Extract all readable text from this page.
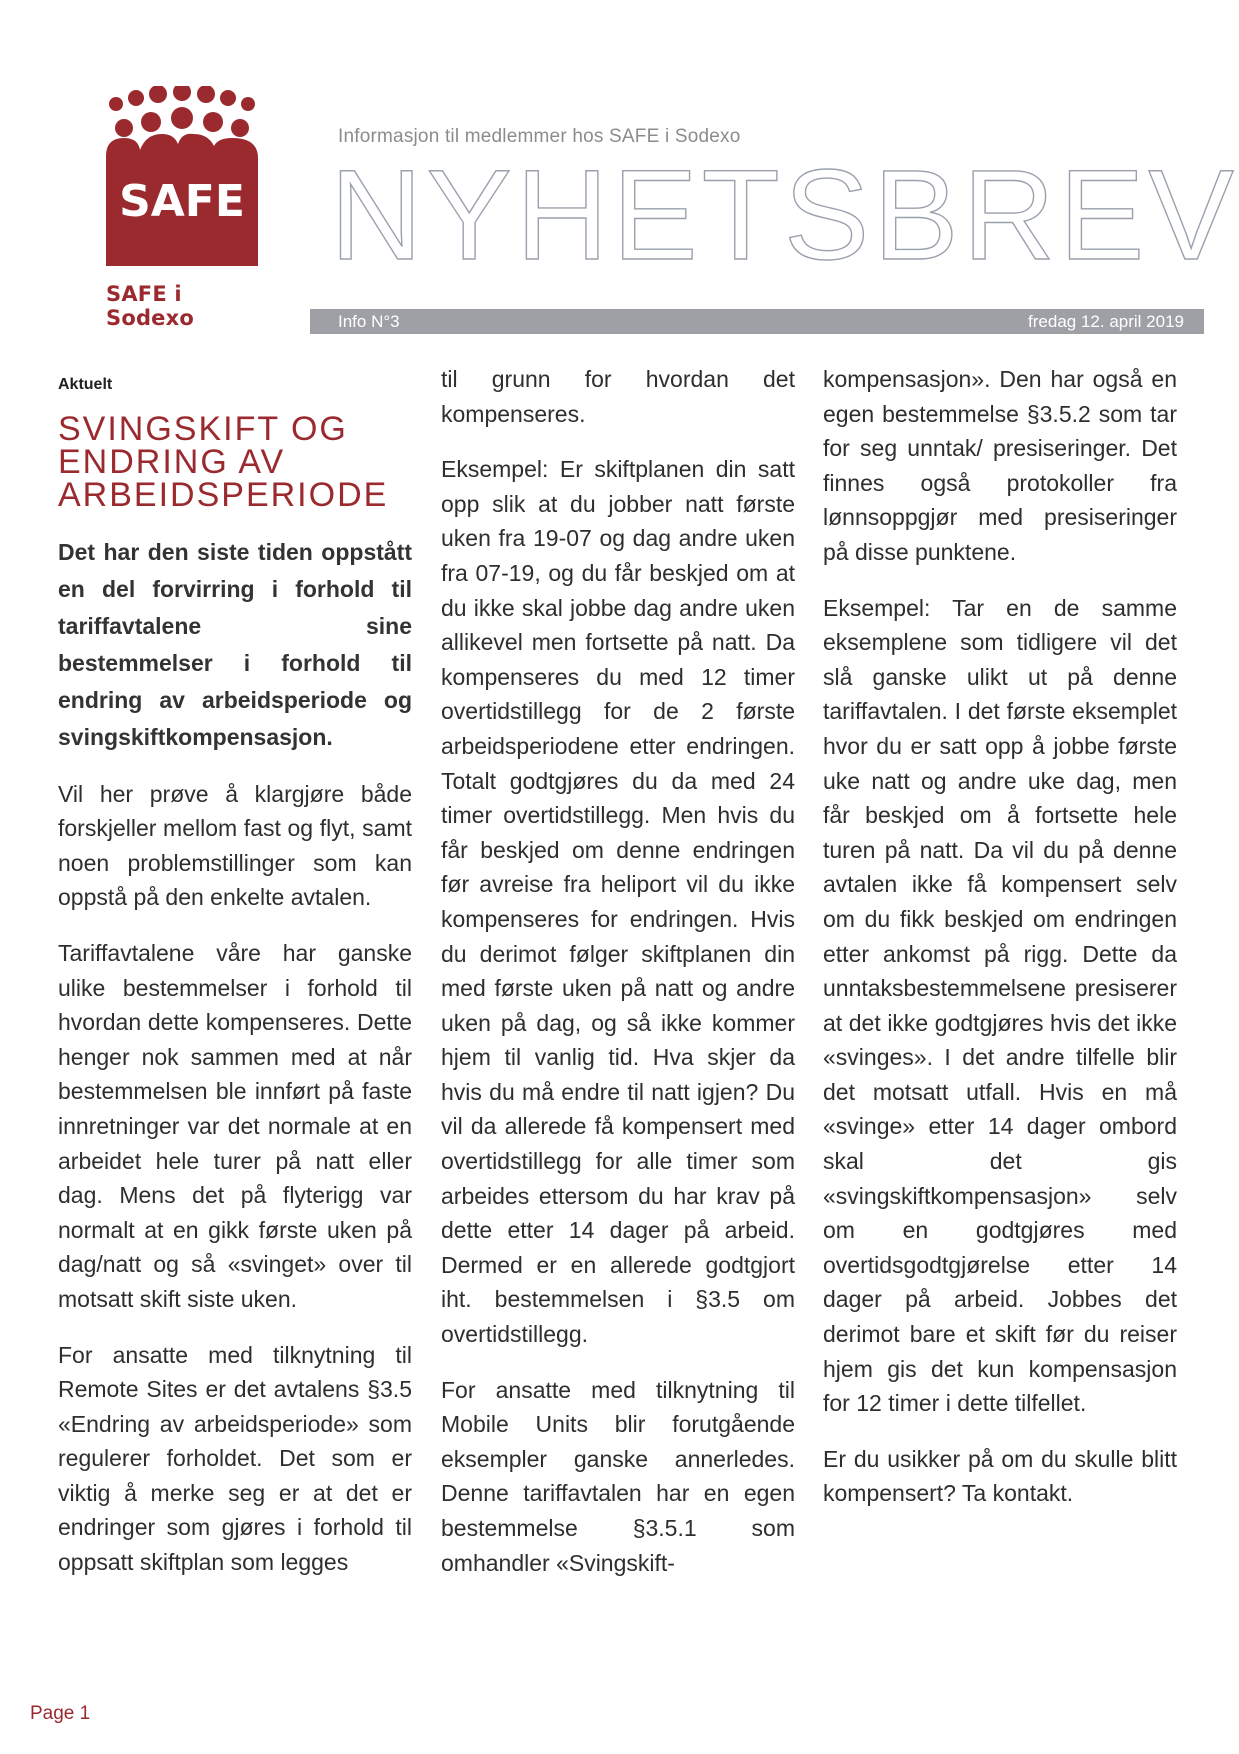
SAFE
SAFE i Sodexo
Informasjon til medlemmer hos SAFE i Sodexo
NYHETSBREV
Info N°3	fredag 12. april 2019
Aktuelt
SVINGSKIFT OG ENDRING AV ARBEIDSPERIODE

Det har den siste tiden oppstått en del forvirring i forhold til tariffavtalene sine bestemmelser i forhold til endring av arbeidsperiode og svingskiftkompensasjon.

Vil her prøve å klargjøre både forskjeller mellom fast og flyt, samt noen problemstillinger som kan oppstå på den enkelte avtalen.

Tariffavtalene våre har ganske ulike bestemmelser i forhold til hvordan dette kompenseres. Dette henger nok sammen med at når bestemmelsen ble innført på faste innretninger var det normale at en arbeidet hele turer på natt eller dag. Mens det på flyterigg var normalt at en gikk første uken på dag/natt og så «svinget» over til motsatt skift siste uken.

For ansatte med tilknytning til Remote Sites er det avtalens §3.5 «Endring av arbeidsperiode» som regulerer forholdet. Det som er viktig å merke seg er at det er endringer som gjøres i forhold til oppsatt skiftplan som legges

til grunn for hvordan det kompenseres.

Eksempel: Er skiftplanen din satt opp slik at du jobber natt første uken fra 19-07 og dag andre uken fra 07-19, og du får beskjed om at du ikke skal jobbe dag andre uken allikevel men fortsette på natt. Da kompenseres du med 12 timer overtidstillegg for de 2 første arbeidsperiodene etter endringen. Totalt godtgjøres du da med 24 timer overtidstillegg. Men hvis du får beskjed om denne endringen før avreise fra heliport vil du ikke kompenseres for endringen. Hvis du derimot følger skiftplanen din med første uken på natt og andre uken på dag, og så ikke kommer hjem til vanlig tid. Hva skjer da hvis du må endre til natt igjen? Du vil da allerede få kompensert med overtidstillegg for alle timer som arbeides ettersom du har krav på dette etter 14 dager på arbeid. Dermed er en allerede godtgjort iht. bestemmelsen i §3.5 om overtidstillegg.

For ansatte med tilknytning til Mobile Units blir forutgående eksempler ganske annerledes. Denne tariffavtalen har en egen bestemmelse §3.5.1 som omhandler «Svingskift-

kompensasjon». Den har også en egen bestemmelse §3.5.2 som tar for seg unntak/ presiseringer. Det finnes også protokoller fra lønnsoppgjør med presiseringer på disse punktene.

Eksempel: Tar en de samme eksemplene som tidligere vil det slå ganske ulikt ut på denne tariffavtalen. I det første eksemplet hvor du er satt opp å jobbe første uke natt og andre uke dag, men får beskjed om å fortsette hele turen på natt. Da vil du på denne avtalen ikke få kompensert selv om du fikk beskjed om endringen etter ankomst på rigg. Dette da unntaksbestemmelsene presiserer at det ikke godtgjøres hvis det ikke «svinges». I det andre tilfelle blir det motsatt utfall. Hvis en må «svinge» etter 14 dager ombord skal det gis «svingskiftkompensasjon» selv om en godtgjøres med overtidsgodtgjørelse etter 14 dager på arbeid. Jobbes det derimot bare et skift før du reiser hjem gis det kun kompensasjon for 12 timer i dette tilfellet.

Er du usikker på om du skulle blitt kompensert? Ta kontakt.

Page 1
